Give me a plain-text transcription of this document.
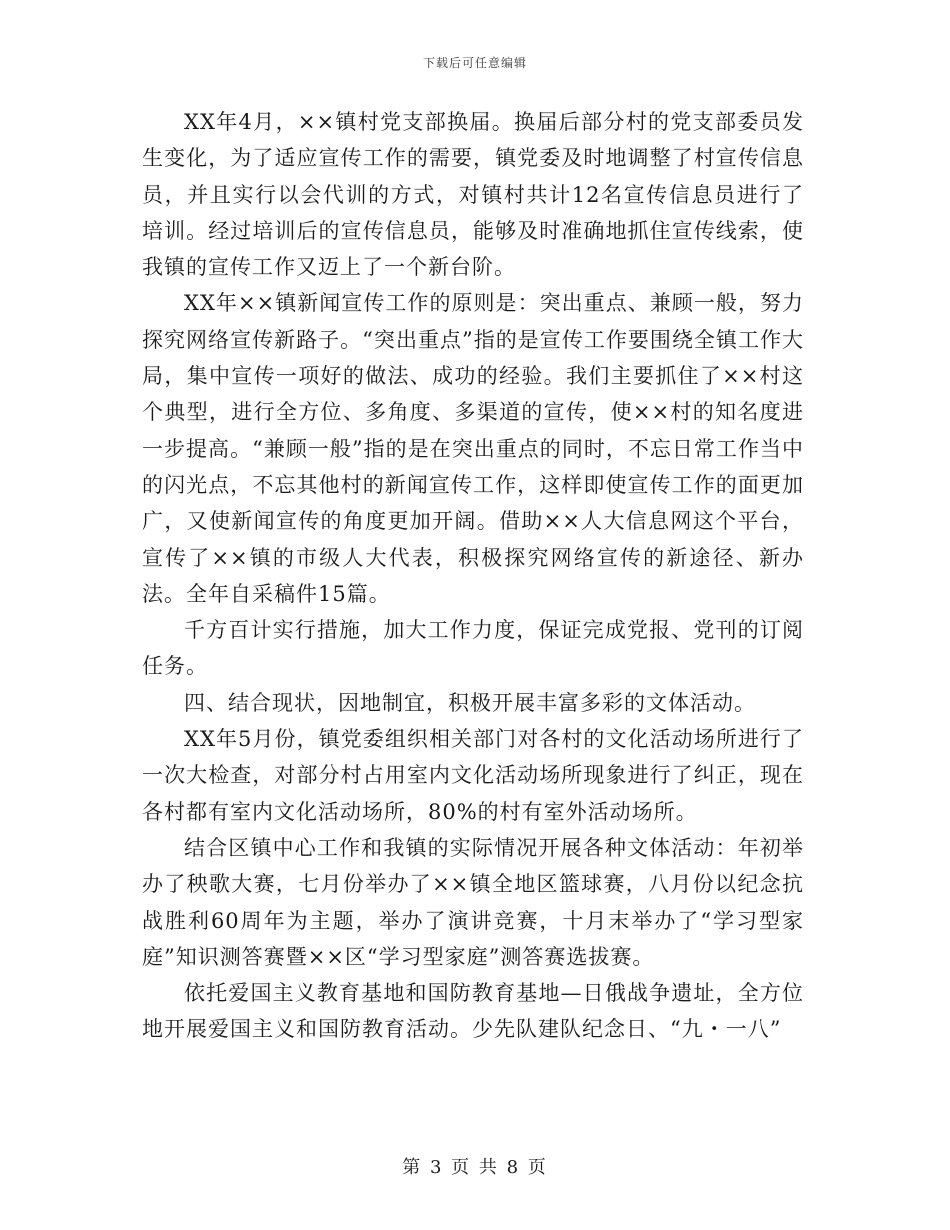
下载后可任意编辑

XX年4月，××镇村党支部换届。换届后部分村的党支部委员发生变化，为了适应宣传工作的需要，镇党委及时地调整了村宣传信息员，并且实行以会代训的方式，对镇村共计12名宣传信息员进行了培训。经过培训后的宣传信息员，能够及时准确地抓住宣传线索，使我镇的宣传工作又迈上了一个新台阶。

XX年××镇新闻宣传工作的原则是：突出重点、兼顾一般，努力探究网络宣传新路子。“突出重点”指的是宣传工作要围绕全镇工作大局，集中宣传一项好的做法、成功的经验。我们主要抓住了××村这个典型，进行全方位、多角度、多渠道的宣传，使××村的知名度进一步提高。“兼顾一般”指的是在突出重点的同时，不忘日常工作当中的闪光点，不忘其他村的新闻宣传工作，这样即使宣传工作的面更加广，又使新闻宣传的角度更加开阔。借助××人大信息网这个平台，宣传了××镇的市级人大代表，积极探究网络宣传的新途径、新办法。全年自采稿件15篇。

千方百计实行措施，加大工作力度，保证完成党报、党刊的订阅任务。

四、结合现状，因地制宜，积极开展丰富多彩的文体活动。

XX年5月份，镇党委组织相关部门对各村的文化活动场所进行了一次大检查，对部分村占用室内文化活动场所现象进行了纠正，现在各村都有室内文化活动场所，80%的村有室外活动场所。

结合区镇中心工作和我镇的实际情况开展各种文体活动：年初举办了秧歌大赛，七月份举办了××镇全地区篮球赛，八月份以纪念抗战胜利60周年为主题，举办了演讲竞赛，十月末举办了“学习型家庭”知识测答赛暨××区“学习型家庭”测答赛选拔赛。

依托爱国主义教育基地和国防教育基地—日俄战争遗址，全方位地开展爱国主义和国防教育活动。少先队建队纪念日、“九・一八”

第 3 页 共 8 页
